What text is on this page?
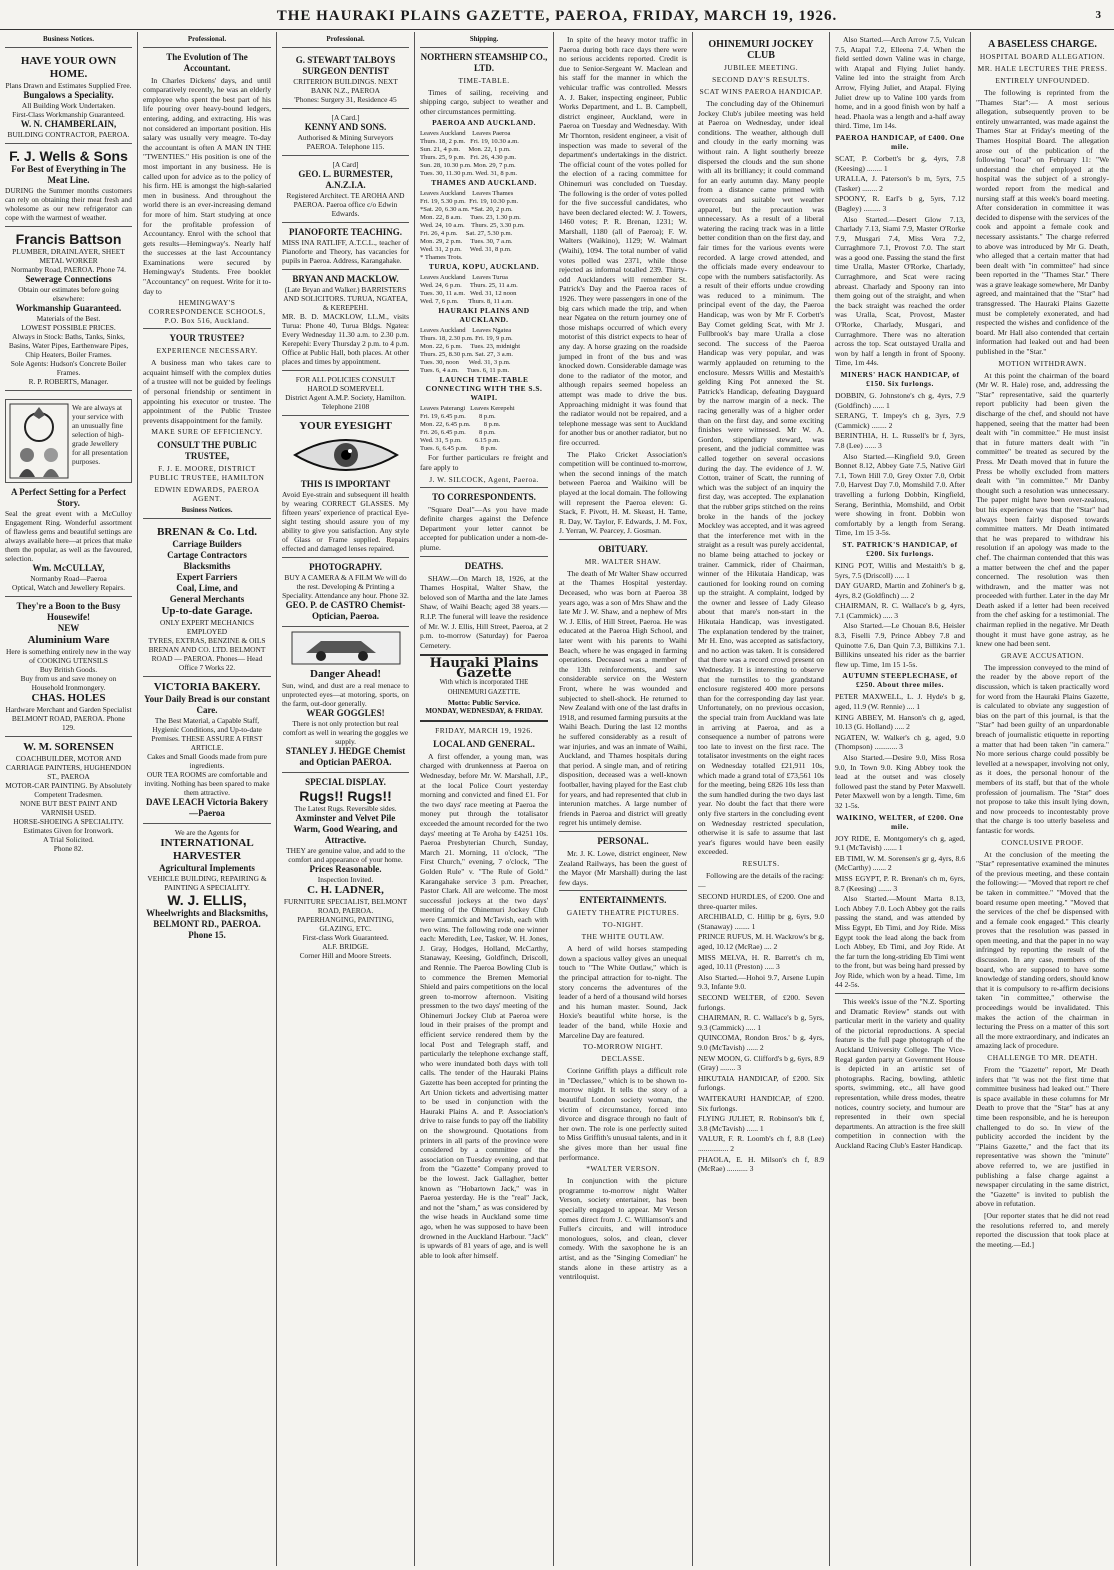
THE HAURAKI PLAINS GAZETTE, PAEROA, FRIDAY, MARCH 19, 1926.	3
Business Notices.
HAVE YOUR OWN HOME.
Plans Drawn and Estimates Supplied Free.
Bungalows a Speciality.
All Building Work Undertaken.
First-Class Workmanship Guaranteed.
W. N. CHAMBERLAIN,
BUILDING CONTRACTOR, PAEROA.
F. J. Wells & Sons
For Best of Everything in The Meat Line.
DURING the Summer months customers can rely on obtaining their meat fresh and wholesome as our new refrigerator can cope with the warmest of weather.
Francis Battson
PLUMBER, DRAINLAYER, SHEET METAL WORKER
Normanby Road, PAEROA. Phone 74.
Sewerage Connections
Obtain our estimates before going elsewhere:
Workmanship Guaranteed.
Materials of the Best.
LOWEST POSSIBLE PRICES.
Always in Stock: Baths, Tanks, Sinks, Basins, Water Pipes, Earthenware Pipes, Chip Heaters, Boiler Frames.
Sole Agents: Hudson's Concrete Boiler Frames.
R. P. ROBERTS, Manager.
We are always at your service with an unusually fine selection of high-grade Jewellery for all presentation purposes.
A Perfect Setting for a Perfect Story.
Seal the great event with a McCulloy Engagement Ring. Wonderful assortment of flawless gems and beautiful settings are always available here—at prices that make them the popular, as well as the favoured, selection.
Wm. McCULLAY,
Normanby Road—Paeroa
Optical, Watch and Jewellery Repairs.
They're a Boon to the Busy Housewife!
NEW
Aluminium Ware
Here is something entirely new in the way of COOKING UTENSILS
Buy British Goods.
Buy from us and save money on Household Ironmongery.
CHAS. HOLES
Hardware Merchant and Garden Specialist
BELMONT ROAD, PAEROA. Phone 129.
W. M. SORENSEN
COACHBUILDER, MOTOR AND CARRIAGE PAINTERS, HUGHENDON ST., PAEROA
MOTOR-CAR PAINTING. By Absolutely Competent Tradesmen.
NONE BUT BEST PAINT AND VARNISH USED.
HORSE-SHOEING A SPECIALITY.
Estimates Given for Ironwork.
A Trial Solicited.
Phone 82.
Professional.
The Evolution of The Accountant.
In Charles Dickens' days, and until comparatively recently, he was an elderly employee who spent the best part of his life pouring over heavy-bound ledgers, entering, adding, and extracting. His was not considered an important position. His salary was usually very meagre. To-day the accountant is often A MAN IN THE "TWENTIES." His position is one of the most important in any business. He is called upon for advice as to the policy of his firm. HE is amongst the high-salaried men in business. And throughout the world there is an ever-increasing demand for more of him. Start studying at once for the profitable profession of Accountancy. Enrol with the school that gets results—Hemingway's. Nearly half the successes at the last Accountancy Examinations were secured by Hemingway's Students. Free booklet "Accountancy" on request. Write for it to-day to
HEMINGWAY'S CORRESPONDENCE SCHOOLS, P.O. Box 516, Auckland.
YOUR TRUSTEE?
EXPERIENCE NECESSARY.
A business man who takes care to acquaint himself with the complex duties of a trustee will not be guided by feelings of personal friendship or sentiment in appointing his executor or trustee. The appointment of the Public Trustee prevents disappointment for the family.
MAKE SURE OF EFFICIENCY.
CONSULT THE PUBLIC TRUSTEE,
F. J. E. MOORE, DISTRICT PUBLIC TRUSTEE, HAMILTON
EDWIN EDWARDS, PAEROA AGENT.
Business Notices.
BRENAN & Co. Ltd.
Carriage Builders
Cartage Contractors
Blacksmiths
Expert Farriers
Coal, Lime, and
General Merchants
Up-to-date Garage.
ONLY EXPERT MECHANICS EMPLOYED
TYRES, EXTRAS, BENZINE & OILS
BRENAN AND CO. LTD. BELMONT ROAD — PAEROA. Phones— Head Office 7 Works 22.
VICTORIA BAKERY.
Your Daily Bread is our constant Care.
The Best Material, a Capable Staff, Hygienic Conditions, and Up-to-date Premises. THESE ASSURE A FIRST ARTICLE.
Cakes and Small Goods made from pure ingredients.
OUR TEA ROOMS are comfortable and inviting. Nothing has been spared to make them attractive.
DAVE LEACH Victoria Bakery—Paeroa
We are the Agents for
INTERNATIONAL HARVESTER
Agricultural Implements
VEHICLE BUILDING, REPAIRING & PAINTING A SPECIALITY.
W. J. ELLIS,
Wheelwrights and Blacksmiths,
BELMONT RD., PAEROA. Phone 15.
Professional.
G. STEWART TALBOYS SURGEON DENTIST
CRITERION BUILDINGS. NEXT BANK N.Z., PAEROA
'Phones: Surgery 31, Residence 45
[A Card.]
KENNY AND SONS.
Authorised & Mining Surveyors PAEROA. Telephone 115.
[A Card]
GEO. L. BURMESTER, A.N.Z.I.A.
Registered Architect. TE AROHA AND PAEROA. Paeroa office c/o Edwin Edwards.
PIANOFORTE TEACHING.
MISS INA RATLIFF, A.T.C.L., teacher of Pianoforte and Theory, has vacancies for pupils in Paeroa. Address, Karangahake.
BRYAN AND MACKLOW.
(Late Bryan and Walker.) BARRISTERS AND SOLICITORS. TURUA, NGATEA, & KEREPEHI.
MR. B. D. MACKLOW, LL.M., visits Turua: Phone 40, Turua Bldgs. Ngatea: Every Wednesday 11.30 a.m. to 2.30 p.m. Kerepehi: Every Thursday 2 p.m. to 4 p.m. Office at Public Hall, both places. At other places and times by appointment.
FOR ALL POLICIES CONSULT HAROLD SOMERVELL
District Agent A.M.P. Society, Hamilton. Telephone 2108
YOUR EYESIGHT
THIS IS IMPORTANT
Avoid Eye-strain and subsequent ill health by wearing CORRECT GLASSES. My fifteen years' experience of practical Eye-sight testing should assure you of my ability to give you satisfaction. Any style of Glass or Frame supplied. Repairs effected and damaged lenses repaired.
PHOTOGRAPHY.
BUY A CAMERA & A FILM We will do the rest. Developing & Printing a Speciality. Attendance any hour. Phone 32.
GEO. P. de CASTRO Chemist-Optician, Paeroa.
Danger Ahead!
Sun, wind, and dust are a real menace to unprotected eyes—at motoring, sports, on the farm, out-door generally.
WEAR GOGGLES!
There is not only protection but real comfort as well in wearing the goggles we supply.
STANLEY J. HEDGE Chemist and Optician PAEROA.
SPECIAL DISPLAY.
Rugs!! Rugs!!
The Latest Rugs. Reversible sides.
Axminster and Velvet Pile Warm, Good Wearing, and Attractive.
THEY are genuine value, and add to the comfort and appearance of your home.
Prices Reasonable.
Inspection Invited.
C. H. LADNER,
FURNITURE SPECIALIST, BELMONT ROAD, PAEROA.
PAPERHANGING, PAINTING, GLAZING, ETC.
First-class Work Guaranteed.
ALF. BRIDGE.
Corner Hill and Moore Streets.
Shipping.
NORTHERN STEAMSHIP CO., LTD.
TIME-TABLE.
Times of sailing, receiving and shipping cargo, subject to weather and other circumstances permitting.
PAEROA AND AUCKLAND.
Leaves Auckland    Leaves Paeroa
Thurs. 18, 2 p.m.   Fri. 19, 10.30 a.m.
Sun. 21, 4 p.m.     Mon. 22, 1 p.m.
Thurs. 25, 9 p.m.   Fri. 26, 4.30 p.m.
Sun. 28, 10.30 p.m. Mon. 29, 7 p.m.
Tues. 30, 11.30 p.m. Wed. 31, 8 p.m.
THAMES AND AUCKLAND.
Leaves Auckland    Leaves Thames
Fri. 19, 5.30 p.m.  Fri. 19, 10.30 p.m.
*Sat. 20, 6.30 a.m. *Sat. 20, 2 p.m.
Mon. 22, 8 a.m.     Tues. 23, 1.30 p.m.
Wed. 24, 10 a.m.    Thurs. 25, 3.30 p.m.
Fri. 26, 4 p.m.     Sat. 27, 5.30 p.m.
Mon. 29, 2 p.m.     Tues. 30, 7 a.m.
Wed. 31, 2 p.m.     Wed. 31, 8 p.m.
* Thames Trots.
TURUA, KOPU, AUCKLAND.
Leaves Auckland    Leaves Turua
Wed. 24, 6 p.m.     Thurs. 25, 11 a.m.
Tues. 30, 11 a.m.   Wed. 31, 12 noon
Wed. 7, 6 p.m.      Thurs. 8, 11 a.m.
HAURAKI PLAINS AND AUCKLAND.
Leaves Auckland    Leaves Ngatea
Thurs. 18, 2.30 p.m. Fri. 19, 9 p.m.
Mon. 22, 6 p.m.     Tues. 23, midnight
Thurs. 25, 8.30 p.m. Sat. 27, 3 a.m.
Tues. 30, noon      Wed. 31, 3 p.m.
Tues. 6, 4 a.m.     Tues. 6, 11 p.m.
LAUNCH TIME-TABLE CONNECTING WITH THE S.S. WAIPI.
Leaves Paterangi   Leaves Kerepehi
Fri. 19, 6.45 p.m.        8 p.m.
Mon. 22, 6.45 p.m.        8 p.m.
Fri. 26, 6.45 p.m.        8 p.m.
Wed. 31, 5 p.m.        6.15 p.m.
Tues. 6, 6.45 p.m.        8 p.m.
For further particulars re freight and fare apply to
J. W. SILCOCK, Agent, Paeroa.
TO CORRESPONDENTS.
"Square Deal"—As you have made definite charges against the Defence Department your letter cannot be accepted for publication under a nom-de-plume.
DEATHS.
SHAW.—On March 18, 1926, at the Thames Hospital, Walter Shaw, the beloved son of Martha and the late James Shaw, of Waihi Beach; aged 38 years.—R.I.P. The funeral will leave the residence of Mr. W. J. Ellis, Hill Street, Paeroa, at 2 p.m. to-morrow (Saturday) for Paeroa Cemetery.
Hauraki Plains Gazette
With which is incorporated THE OHINEMURI GAZETTE.
Motto: Public Service.
MONDAY, WEDNESDAY, & FRIDAY.
FRIDAY, MARCH 19, 1926.
LOCAL AND GENERAL.
A first offender, a young man, was charged with drunkenness at Paeroa on Wednesday, before Mr. W. Marshall, J.P., at the local Police Court yesterday morning and convicted and fined £1. For the two days' race meeting at Paeroa the money put through the totalisator exceeded the amount recorded for the two days' meeting at Te Aroha by £4251 10s. Paeroa Presbyterian Church, Sunday, March 21. Morning, 11 o'clock, "The First Church," evening, 7 o'clock, "The Golden Rule" v. "The Rule of Gold." Karangahake service 3 p.m. Preacher, Pastor Clark. All are welcome. The most successful jockeys at the two days' meeting of the Ohinemuri Jockey Club were Cammick and McTavish, each with two wins. The following rode one winner each: Meredith, Lee, Tasker, W. H. Jones, J. Gray, Hodges, Holland, McCarthy, Stanaway, Keesing, Goldfinch, Driscoll, and Rennie. The Paeroa Bowling Club is to commence the Bremen Memorial Shield and pairs competitions on the local green to-morrow afternoon. Visiting pressmen to the two days' meeting of the Ohinemuri Jockey Club at Paeroa were loud in their praises of the prompt and efficient service rendered them by the local Post and Telegraph staff, and particularly the telephone exchange staff, who were inundated both days with toll calls. The tender of the Hauraki Plains Gazette has been accepted for printing the Art Union tickets and advertising matter to be used in conjunction with the Hauraki Plains A. and P. Association's drive to raise funds to pay off the liability on the showground. Quotations from printers in all parts of the province were considered by a committee of the association on Tuesday evening, and that from the "Gazette" Company proved to be the lowest. Jack Gallagher, better known as "Hobartown Jack," was in Paeroa yesterday. He is the "real" Jack, and not the "sham," as was considered by the wise heads in Auckland some time ago, when he was supposed to have been drowned in the Auckland Harbour. "Jack" is upwards of 81 years of age, and is well able to look after himself.
In spite of the heavy motor traffic in Paeroa during both race days there were no serious accidents reported. Credit is due to Senior-Sergeant W. Maclean and his staff for the manner in which the vehicular traffic was controlled. Messrs A. J. Baker, inspecting engineer, Public Works Department, and L. B. Campbell, district engineer, Auckland, were in Paeroa on Tuesday and Wednesday. With Mr Thornton, resident engineer, a visit of inspection was made to several of the department's undertakings in the district. The official count of the votes polled for the election of a racing committee for Ohinemuri was concluded on Tuesday. The following is the order of votes polled for the five successful candidates, who have been declared elected: W. J. Towers, 1460 votes; P. R. Brenan, 1231; W. Marshall, 1180 (all of Paeroa); F. W. Walters (Waikino), 1129; W. Walmart (Waihi), 1094. The total number of valid votes polled was 2371, while those rejected as informal totalled 239. Thirty-odd Aucklanders will remember St. Patrick's Day and the Paeroa races of 1926. They were passengers in one of the big cars which made the trip, and when near Ngatea on the return journey one of those mishaps occurred of which every motorist of this district expects to hear of any day. A horse grazing on the roadside jumped in front of the bus and was knocked down. Considerable damage was done to the radiator of the motor, and although repairs seemed hopeless an attempt was made to drive the bus. Approaching midnight it was found that the radiator would not be repaired, and a telephone message was sent to Auckland for another bus or another radiator, but no fire occurred.
The Plako Cricket Association's competition will be continued to-morrow, when the second innings of the match between Paeroa and Waikino will be played at the local domain. The following will represent the Paeroa eleven: G. Stack, F. Pivott, H. M. Skeast, H. Tame, R. Day, W. Taylor, F. Edwards, J. M. Fox, J. Yerran, W. Pearcey, J. Gosman.
OBITUARY.
MR. WALTER SHAW.
The death of Mr Walter Shaw occurred at the Thames Hospital yesterday. Deceased, who was born at Paeroa 38 years ago, was a son of Mrs Shaw and the late Mr J. W. Shaw, and a nephew of Mrs W. J. Ellis, of Hill Street, Paeroa. He was educated at the Paeroa High School, and later went with his parents to Waihi Beach, where he was engaged in farming operations. Deceased was a member of the 13th reinforcements, and saw considerable service on the Western Front, where he was wounded and subjected to shell-shock. He returned to New Zealand with one of the last drafts in 1918, and resumed farming pursuits at the Waihi Beach. During the last 12 months he suffered considerably as a result of war injuries, and was an inmate of Waihi, Auckland, and Thames hospitals during that period. A single man, and of retiring disposition, deceased was a well-known footballer, having played for the East club for years, and had represented that club in interunion matches. A large number of friends in Paeroa and district will greatly regret his untimely demise.
PERSONAL.
Mr. J. K. Lowe, district engineer, New Zealand Railways, has been the guest of the Mayor (Mr Marshall) during the last few days.
ENTERTAINMENTS.
GAIETY THEATRE PICTURES.
TO-NIGHT.
THE WHITE OUTLAW.
A herd of wild horses stampeding down a spacious valley gives an unequal touch to "The White Outlaw," which is the principal attraction for to-night. The story concerns the adventures of the leader of a herd of a thousand wild horses and his human master. Sound, Jack Hoxie's beautiful white horse, is the leader of the band, while Hoxie and Marceline Day are featured.
TO-MORROW NIGHT.
DECLASSE.
Corinne Griffith plays a difficult role in "Declassee," which is to be shown to-morrow night. It tells the story of a beautiful London society woman, the victim of circumstance, forced into divorce and disgrace through no fault of her own. The role is one perfectly suited to Miss Griffith's unusual talents, and in it she gives more than her usual fine performance.
*WALTER VERSON.
In conjunction with the picture programme to-morrow night Walter Verson, society entertainer, has been specially engaged to appear. Mr Verson comes direct from J. C. Williamson's and Fuller's circuits, and will introduce monologues, solos, and clean, clever comedy. With the saxophone he is an artist, and as the "Singing Comedian" he stands alone in these artistry as a ventriloquist.
OHINEMURI JOCKEY CLUB
JUBILEE MEETING.
SECOND DAY'S RESULTS.
SCAT WINS PAEROA HANDICAP.
The concluding day of the Ohinemuri Jockey Club's jubilee meeting was held at Paeroa on Wednesday, under ideal conditions. The weather, although dull and cloudy in the early morning was without rain. A light southerly breeze dispersed the clouds and the sun shone with all its brilliancy; it could command for an early autumn day. Many people from a distance came primed with overcoats and suitable wet weather apparel, but the precaution was unnecessary. As a result of a liberal watering the racing track was in a little better condition than on the first day, and fair times for the various events were recorded. A large crowd attended, and the officials made every endeavour to cope with the numbers satisfactorily. As a result of their efforts undue crowding was reduced to a minimum. The principal event of the day, the Paeroa Handicap, was won by Mr F. Corbett's Bay Comet gelding Scat, with Mr J. Fullbrook's bay mare Uralla a close second. The success of the Paeroa Handicap was very popular, and was warmly applauded on returning to the enclosure. Messrs Willis and Mestaith's gelding King Pot annexed the St. Patrick's Handicap, defeating Dayguard by the narrow margin of a neck. The racing generally was of a higher order than on the first day, and some exciting finishes were witnessed. Mr W. A. Gordon, stipendiary steward, was present, and the judicial committee was called together on several occasions during the day. The evidence of J. W. Cotton, trainer of Scatt, the running of which was the subject of an inquiry the first day, was accepted. The explanation that the rubber grips stitched on the reins broke in the hands of the jockey Mockley was accepted, and it was agreed that the interference met with in the straight as a result was purely accidental, no blame being attached to jockey or trainer. Cammick, rider of Chairman, winner of the Hikutaia Handicap, was cautioned for looking round on coming up the straight. A complaint, lodged by the owner and lessee of Lady Gleaso about that mare's non-start in the Hikutaia Handicap, was investigated. The explanation tendered by the trainer, Mr H. Eno, was accepted as satisfactory, and no action was taken. It is considered that there was a record crowd present on Wednesday. It is interesting to observe that the turnstiles to the grandstand enclosure registered 400 more persons than for the corresponding day last year. Unfortunately, on no previous occasion, the special train from Auckland was late in arriving at Paeroa, and as a consequence a number of patrons were too late to invest on the first race. The totalisator investments on the eight races on Wednesday totalled £21,911 10s, which made a grand total of £73,561 10s for the meeting, being £826 10s less than the sum handled during the two days last year. No doubt the fact that there were only five starters in the concluding event on Wednesday restricted speculation, otherwise it is safe to assume that last year's figures would have been easily exceeded.
RESULTS.
Following are the details of the racing:—
SECOND HURDLES, of £200. One and three-quarter miles.
ARCHIBALD, C. Hillip br g, 6yrs, 9.0 (Stanaway) ........ 1
PRINCE RUFUS, M. H. Wackrow's br g, aged, 10.12 (McRae) .... 2
MISS MELVA, H. R. Barrett's ch m, aged, 10.11 (Preston) ..... 3
Also Started.—Hohoi 9.7, Arsene Lupin 9.3, Infante 9.0.
SECOND WELTER, of £200. Seven furlongs.
CHAIRMAN, R. C. Wallace's b g, 5yrs, 9.3 (Cammick) ..... 1
QUINCOMA, Rondon Bros.' b g, 4yrs, 9.0 (McTavish) ...... 2
NEW MOON, G. Clifford's b g, 6yrs, 8.9 (Gray) ........ 3
HIKUTAIA HANDICAP, of £200. Six furlongs.
WAITEKAURI HANDICAP, of £200. Six furlongs.
FLYING JULIET, R. Robinson's blk f, 3.8 (McTavish) ...... 1
VALUR, F. R. Loomb's ch f, 8.8 (Lee) ................ 2
PHAOLA, E. H. Milson's ch f, 8.9 (McRae) ........... 3
Also Started.—Arch Arrow 7.5, Vulcan 7.5, Atapal 7.2, Elleena 7.4. When the field settled down Valine was in charge, with Atapal and Flying Juliet handy. Valine led into the straight from Arch Arrow, Flying Juliet, and Atapal. Flying Juliet drew up to Valine 100 yards from home, and in a good finish won by half a head. Phaola was a length and a-half away third. Time, 1m 14s.
PAEROA HANDICAP, of £400. One mile.
SCAT, P. Corbett's br g, 4yrs, 7.8 (Keesing) ........ 1
URALLA, J. Paterson's b m, 5yrs, 7.5 (Tasker) ........ 2
SPOONY, R. Earl's b g, 5yrs, 7.12 (Bagley) ......... 3
Also Started.—Desert Glow 7.13, Charlady 7.13, Siami 7.9, Master O'Rorke 7.9, Musgari 7.4, Miss Vera 7.2, Curraghmore 7.1, Provost 7.0. The start was a good one. Passing the stand the first time Uralla, Master O'Rorke, Charlady, Curraghmore, and Scat were racing abreast. Charlady and Spoony ran into them going out of the straight, and when the back straight was reached the order was Uralla, Scat, Provost, Master O'Rorke, Charlady, Musgari, and Curraghmore. There was no alteration across the top. Scat outstayed Uralla and won by half a length in front of Spoony. Time, 1m 44s.
MINERS' HACK HANDICAP, of £150. Six furlongs.
DOBBIN, G. Johnstone's ch g, 4yrs, 7.9 (Goldfinch) ...... 1
SERANG, T. Impey's ch g, 3yrs, 7.9 (Cammick) ........ 2
BERINTHIA, H. L. Russell's br f, 3yrs, 7.8 (Lee) ...... 3
Also Started.—Kingfield 9.0, Green Bonnet 8.12, Abbey Gate 7.5, Native Girl 7.1, Town Hill 7.0, Grey Oxter 7.0, Orbit 7.0, Harvest Day 7.0, Momshild 7.0. After travelling a furlong Dobbin, Kingfield, Serang, Berinthia, Momshild, and Orbit were showing in front. Dobbin won comfortably by a length from Serang. Time, 1m 15 3-5s.
ST. PATRICK'S HANDICAP, of £200. Six furlongs.
KING POT, Willis and Mestaith's b g, 5yrs, 7.5 (Driscoll) ..... 1
DAY GUARD, Martin and Zohiner's b g, 4yrs, 8.2 (Goldfinch) .... 2
CHAIRMAN, R. C. Wallace's b g, 4yrs, 7.1 (Cammick) ..... 3
Also Started.—Le Chouan 8.6, Heisler 8.3, Fiselli 7.9, Prince Abbey 7.8 and Quinotte 7.6, Dan Quin 7.3, Billikins 7.1. Billikins unseated his rider as the barrier flew up. Time, 1m 15 1-5s.
AUTUMN STEEPLECHASE, of £250. About three miles.
PETER MAXWELL, L. J. Hyde's b g, aged, 11.9 (W. Rennie) .... 1
KING ABBEY, M. Hanson's ch g, aged, 10.13 (G. Holland) ..... 2
NGATEN, W. Walker's ch g, aged, 9.0 (Thompson) ............ 3
Also Started.—Desire 9.0, Miss Rosa 9.0, In Town 9.0. King Abbey took the lead at the outset and was closely followed past the stand by Peter Maxwell. Peter Maxwell won by a length. Time, 6m 32 1-5s.
WAIKINO, WELTER, of £200. One mile.
JOY RIDE, E. Montgomery's ch g, aged, 9.1 (McTavish) ....... 1
EB TIMI, W. M. Sorensen's gr g, 4yrs, 8.6 (McCarthy) ....... 2
MISS EGYPT, P. R. Brenan's ch m, 6yrs, 8.7 (Keesing) ....... 3
Also Started.—Mount Marta 8.13, Loch Abbey 7.0. Loch Abbey got the rails passing the stand, and was attended by Miss Egypt, Eb Timi, and Joy Ride. Miss Egypt took the lead along the back from Loch Abbey, Eb Timi, and Joy Ride. At the far turn the long-striding Eb Timi went to the front, but was being hard pressed by Joy Ride, which won by a head. Time, 1m 44 2-5s.
This week's issue of the "N.Z. Sporting and Dramatic Review" stands out with particular merit in the variety and quality of the pictorial reproductions. A special feature is the full page photograph of the Auckland University College. The Vice-Regal garden party at Government House is depicted in an artistic set of photographs. Racing, bowling, athletic sports, swimming, etc., all have good representation, while dress modes, theatre notices, country society, and humour are represented in their own special departments. An attraction is the free skill competition in connection with the Auckland Racing Club's Easter Handicap.
A BASELESS CHARGE.
HOSPITAL BOARD ALLEGATION.
MR. HALE LECTURES THE PRESS.
ENTIRELY UNFOUNDED.
The following is reprinted from the "Thames Star":— A most serious allegation, subsequently proven to be entirely unwarranted, was made against the Thames Star at Friday's meeting of the Thames Hospital Board. The allegation arose out of the publication of the following "local" on February 11: "We understand the chef employed at the hospital was the subject of a strongly-worded report from the medical and nursing staff at this week's board meeting. After consideration in committee it was decided to dispense with the services of the cook and appoint a female cook and necessary assistants." The charge referred to above was introduced by Mr G. Death, who alleged that a certain matter that had been dealt with "in committee" had since been reported in the "Thames Star." There was a grave leakage somewhere, Mr Danby agreed, and maintained that the "Star" had transgressed. The Hauraki Plains Gazette must be completely exonerated, and had respected the wishes and confidence of the board. Mr Hall also contended that certain information had leaked out and had been published in the "Star."
MOTION WITHDRAWN.
At this point the chairman of the board (Mr W. R. Hale) rose, and, addressing the "Star" representative, said the quarterly report publicity had been given the discharge of the chef, and should not have happened, seeing that the matter had been dealt with "in committee." He must insist that in future matters dealt with "in committee" be treated as secured by the Press. Mr Death moved that in future the Press be wholly excluded from matters dealt with "in committee." Mr Danby thought such a resolution was unnecessary. The paper might have been over-zealous, but his experience was that the "Star" had always been fairly disposed towards committee matters. Mr Death intimated that he was prepared to withdraw his resolution if an apology was made to the chef. The chairman contended that this was a matter between the chef and the paper concerned. The resolution was then withdrawn, and the matter was not proceeded with further. Later in the day Mr Death asked if a letter had been received from the chef asking for a testimonial. The chairman replied in the negative. Mr Death thought it must have gone astray, as he knew one had been sent.
GRAVE ACCUSATION.
The impression conveyed to the mind of the reader by the above report of the discussion, which is taken practically word for word from the Hauraki Plains Gazette, is calculated to obviate any suggestion of bias on the part of this journal, is that the "Star" had been guilty of an unpardonable breach of journalistic etiquette in reporting a matter that had been taken "in camera." No more serious charge could possibly be levelled at a newspaper, involving not only, as it does, the personal honour of the members of its staff, but that of the whole profession of journalism. The "Star" does not propose to take this insult lying down, and now proceeds to incontestably prove that the charge is too utterly baseless and fantastic for words.
CONCLUSIVE PROOF.
At the conclusion of the meeting the "Star" representative examined the minutes of the previous meeting, and these contain the following:— "Moved that report re chef be taken in committee." "Moved that the board resume open meeting." "Moved that the services of the chef be dispensed with and a female cook engaged." This clearly proves that the resolution was passed in open meeting, and that the paper in no way infringed by reporting the result of the discussion. In any case, members of the board, who are supposed to have some knowledge of standing orders, should know that it is compulsory to re-affirm decisions taken "in committee," otherwise the proceedings would be invalidated. This makes the action of the chairman in lecturing the Press on a matter of this sort all the more extraordinary, and indicates an amazing lack of procedure.
CHALLENGE TO MR. DEATH.
From the "Gazette" report, Mr Death infers that "it was not the first time that committee business had leaked out." There is space available in these columns for Mr Death to prove that the "Star" has at any time been responsible, and he is hereupon challenged to do so. In view of the publicity accorded the incident by the "Plains Gazette," and the fact that its representative was shown the "minute" above referred to, we are justified in publishing a false charge against a newspaper circulating in the same district, the "Gazette" is invited to publish the above in refutation.
[Our reporter states that he did not read the resolutions referred to, and merely reported the discussion that took place at the meeting.—Ed.]
